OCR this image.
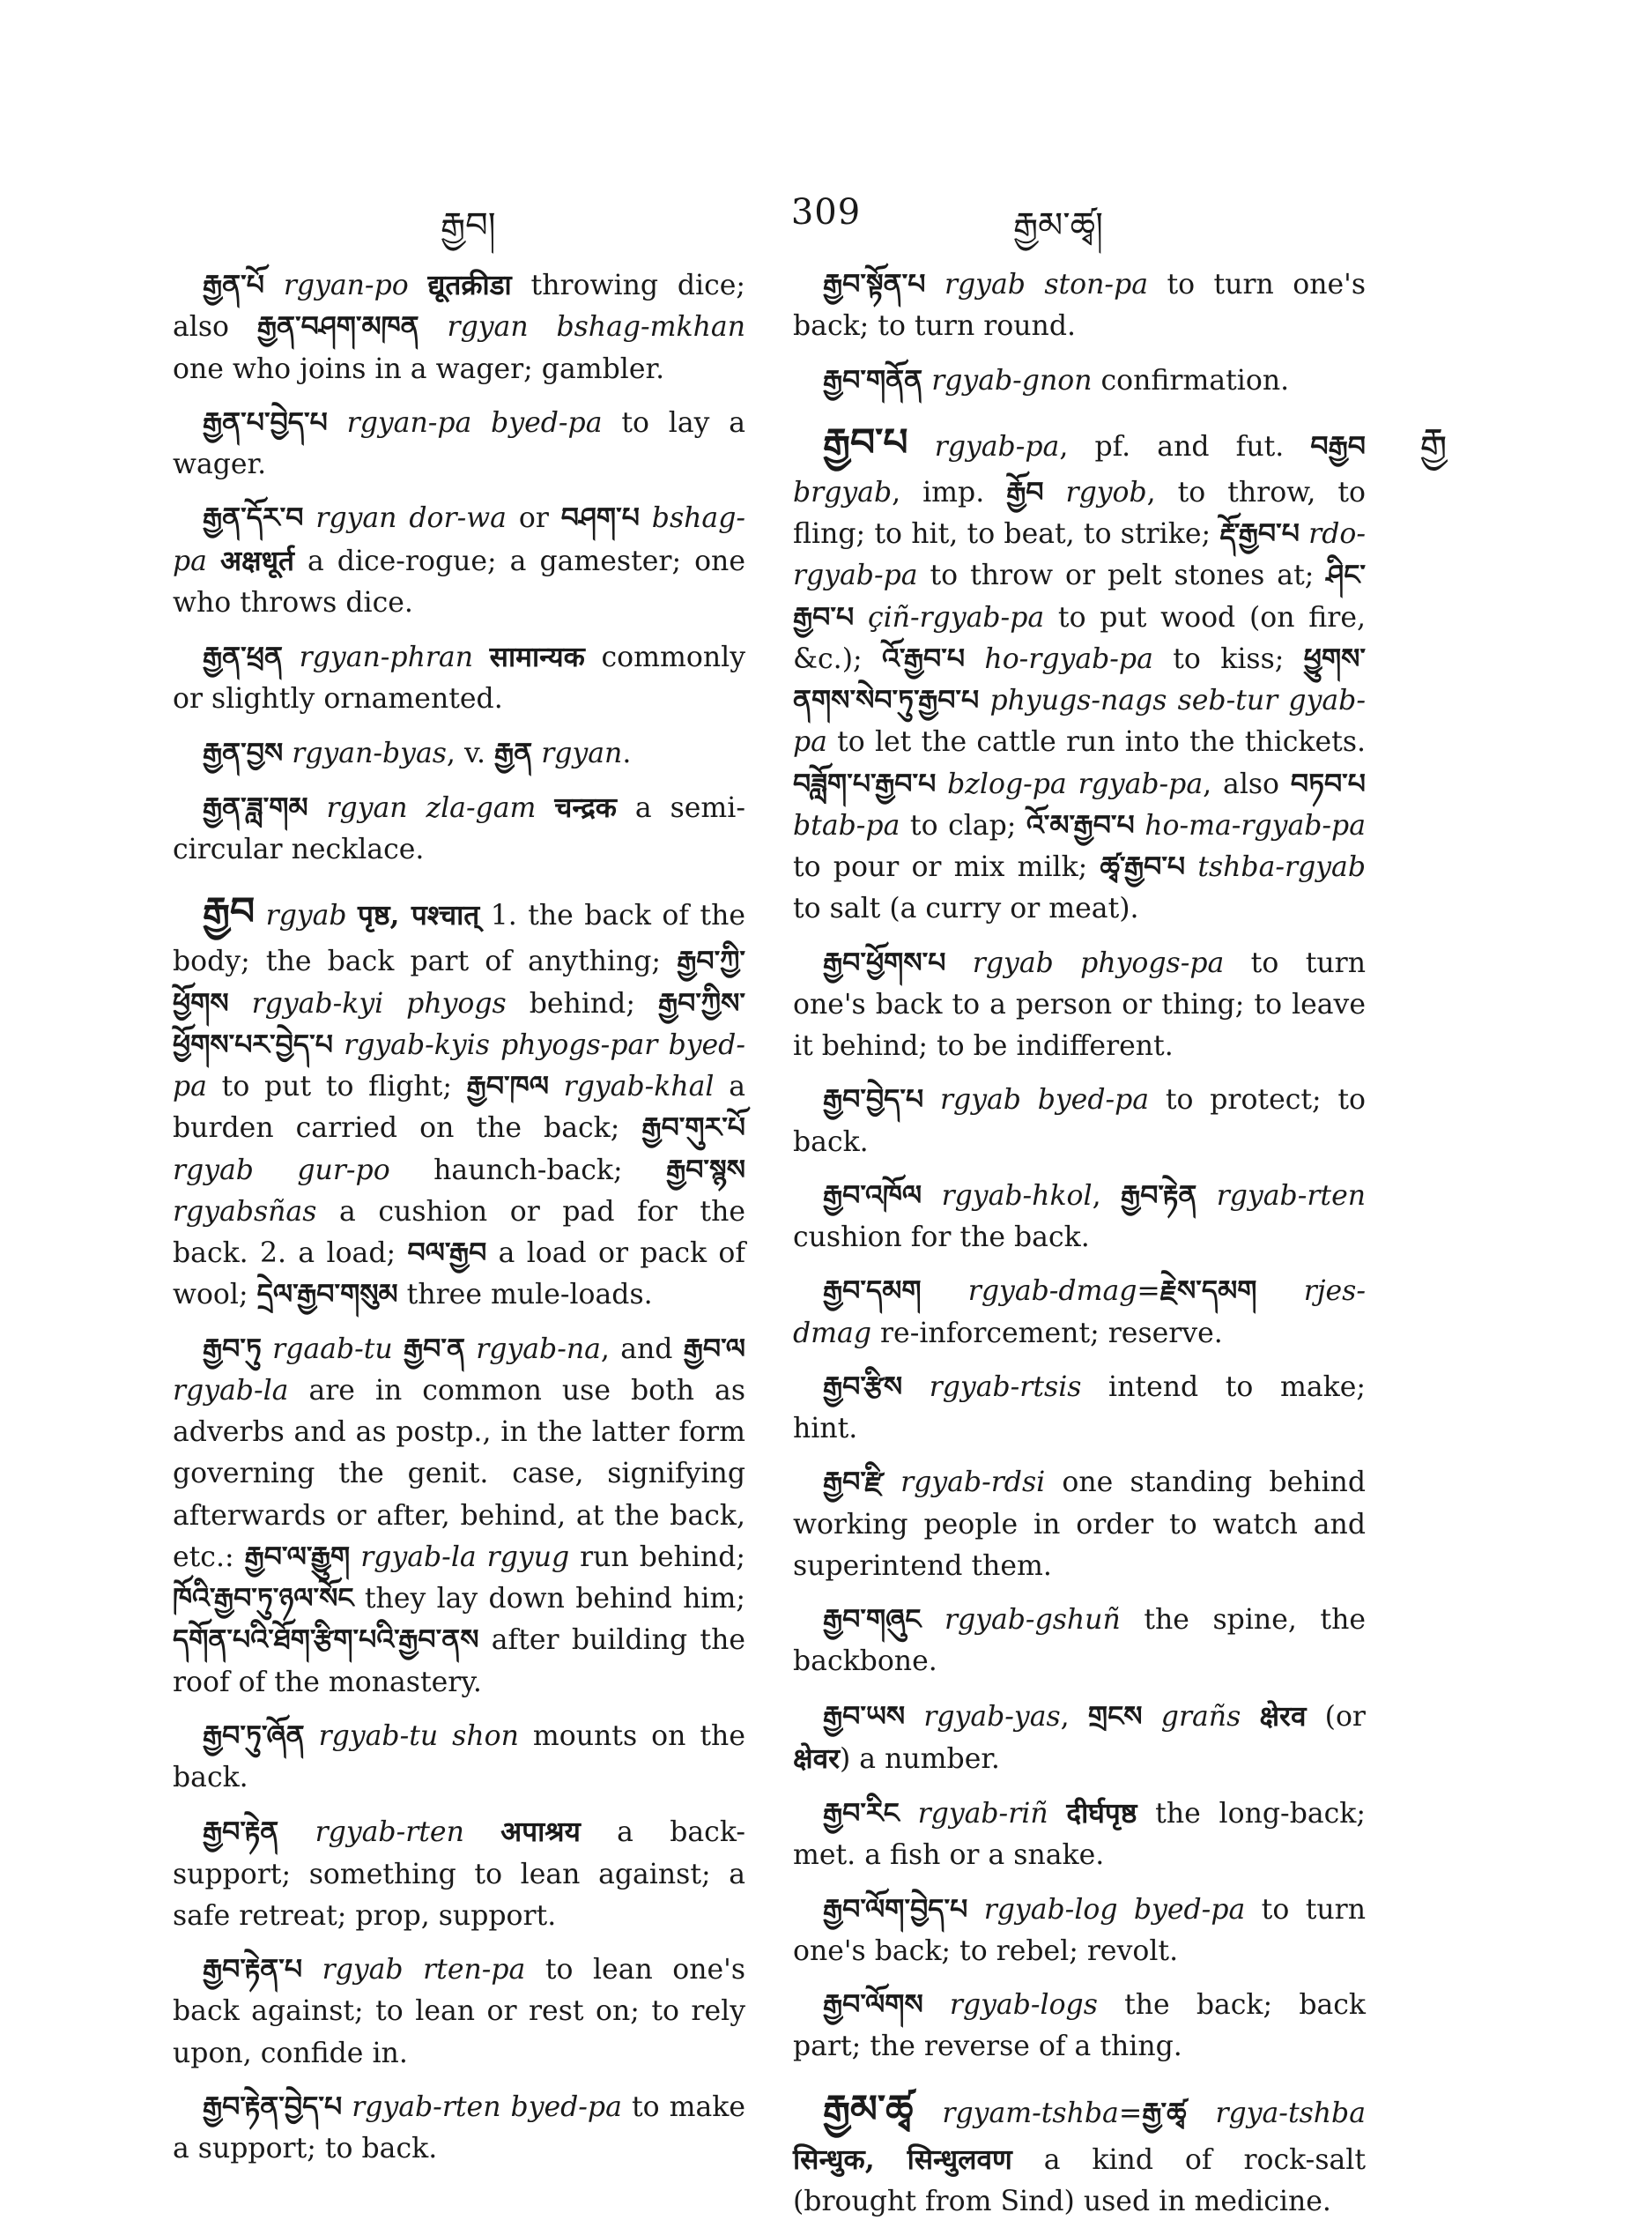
རྒྱབ།	309	རྒྱམ་ཚྭ།
རྒྱ

རྒྱན་པོ rgyan-po द्यूतक्रीडा throwing dice; also རྒྱན་བཤག་མཁན rgyan bshag-mkhan one who joins in a wager; gambler.

རྒྱན་པ་བྱེད་པ rgyan-pa byed-pa to lay a wager.

རྒྱན་དོར་བ rgyan dor-wa or བཤག་པ bshag-pa अक्षधूर्त a dice-rogue; a gamester; one who throws dice.

རྒྱན་ཕྲན rgyan-phran सामान्यक commonly or slightly ornamented.

རྒྱན་བྱས rgyan-byas, v. རྒྱན rgyan.

རྒྱན་ཟླ་གམ rgyan zla-gam चन्द्रक a semi-circular necklace.

རྒྱབ rgyab पृष्ठ, पश्चात् 1. the back of the body; the back part of anything; རྒྱབ་ཀྱི་ཕྱོགས rgyab-kyi phyogs behind; རྒྱབ་ཀྱིས་ཕྱོགས་པར་བྱེད་པ rgyab-kyis phyogs-par byed-pa to put to flight; རྒྱབ་ཁལ rgyab-khal a burden carried on the back; རྒྱབ་གུར་པོ rgyab gur-po haunch-back; རྒྱབ་སྙས rgyabsñas a cushion or pad for the back. 2. a load; བལ་རྒྱབ a load or pack of wool; དྲེལ་རྒྱབ་གསུམ three mule-loads.

རྒྱབ་ཏུ rgaab-tu རྒྱབ་ན rgyab-na, and རྒྱབ་ལ rgyab-la are in common use both as adverbs and as postp., in the latter form governing the genit. case, signifying afterwards or after, behind, at the back, etc.: རྒྱབ་ལ་རྒྱུག rgyab-la rgyug run behind; ཁོའི་རྒྱབ་ཏུ་ཉལ་སོང they lay down behind him; དགོན་པའི་ཐོག་རྩིག་པའི་རྒྱབ་ནས after building the roof of the monastery.

རྒྱབ་ཏུ་ཞོན rgyab-tu shon mounts on the back.

རྒྱབ་རྟེན rgyab-rten अपाश्रय a back-support; something to lean against; a safe retreat; prop, support.

རྒྱབ་རྟེན་པ rgyab rten-pa to lean one's back against; to lean or rest on; to rely upon, confide in.

རྒྱབ་རྟེན་བྱེད་པ rgyab-rten byed-pa to make a support; to back.

རྒྱབ་སྟོན་པ rgyab ston-pa to turn one's back; to turn round.

རྒྱབ་གནོན rgyab-gnon confirmation.

རྒྱབ་པ rgyab-pa, pf. and fut. བརྒྱབ brgyab, imp. རྒྱོབ rgyob, to throw, to fling; to hit, to beat, to strike; རྡོ་རྒྱབ་པ rdo-rgyab-pa to throw or pelt stones at; ཤིང་རྒྱབ་པ çiñ-rgyab-pa to put wood (on fire, &c.); འོ་རྒྱབ་པ ho-rgyab-pa to kiss; ཕྱུགས་ནགས་སེབ་ཏུ་རྒྱབ་པ phyugs-nags seb-tur gyab-pa to let the cattle run into the thickets. བཟློག་པ་རྒྱབ་པ bzlog-pa rgyab-pa, also བཏབ་པ btab-pa to clap; འོ་མ་རྒྱབ་པ ho-ma-rgyab-pa to pour or mix milk; ཚྭ་རྒྱབ་པ tshba-rgyab to salt (a curry or meat).

རྒྱབ་ཕྱོགས་པ rgyab phyogs-pa to turn one's back to a person or thing; to leave it behind; to be indifferent.

རྒྱབ་བྱེད་པ rgyab byed-pa to protect; to back.

རྒྱབ་འཁོལ rgyab-hkol, རྒྱབ་རྟེན rgyab-rten cushion for the back.

རྒྱབ་དམག rgyab-dmag=རྗེས་དམག rjes-dmag re-inforcement; reserve.

རྒྱབ་རྩིས rgyab-rtsis intend to make; hint.

རྒྱབ་རྫི rgyab-rdsi one standing behind working people in order to watch and superintend them.

རྒྱབ་གཞུང rgyab-gshuñ the spine, the backbone.

རྒྱབ་ཡས rgyab-yas, གྲངས grañs क्षेरव (or क्षेवर) a number.

རྒྱབ་རིང rgyab-riñ दीर्घपृष्ठ the long-back; met. a fish or a snake.

རྒྱབ་ལོག་བྱེད་པ rgyab-log byed-pa to turn one's back; to rebel; revolt.

རྒྱབ་ལོགས rgyab-logs the back; back part; the reverse of a thing.

རྒྱམ་ཚྭ rgyam-tshba=རྒྱ་ཚྭ rgya-tshba सिन्धुक, सिन्धुलवण a kind of rock-salt (brought from Sind) used in medicine.
